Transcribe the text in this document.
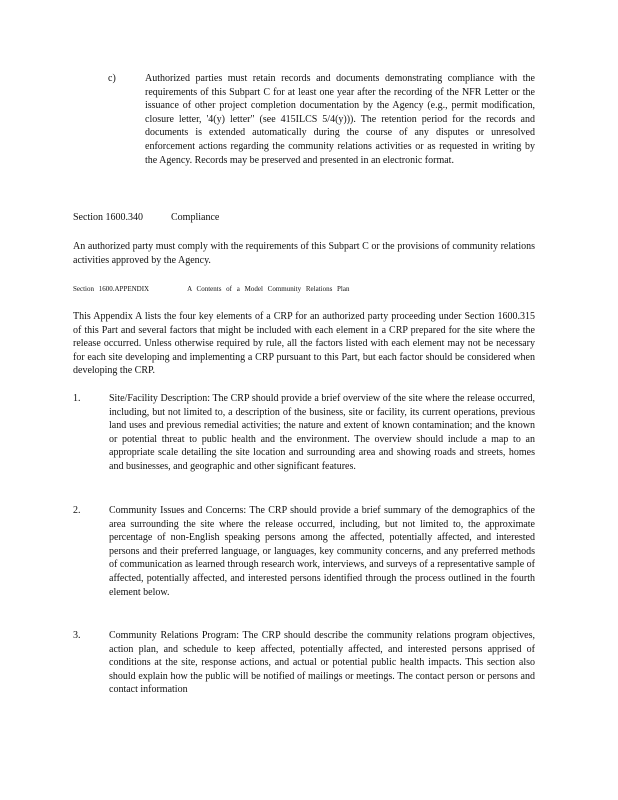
c)	Authorized parties must retain records and documents demonstrating compliance with the requirements of this Subpart C for at least one year after the recording of the NFR Letter or the issuance of other project completion documentation by the Agency (e.g., permit modification, closure letter, '4(y) letter" (see 415ILCS 5/4(y))). The retention period for the records and documents is extended automatically during the course of any disputes or unresolved enforcement actions regarding the community relations activities or as requested in writing by the Agency. Records may be preserved and presented in an electronic format.
Section 1600.340	Compliance
An authorized party must comply with the requirements of this Subpart C or the provisions of community relations activities approved by the Agency.
Section 1600.APPENDIX	A Contents of a Model Community Relations Plan
This Appendix A lists the four key elements of a CRP for an authorized party proceeding under Section 1600.315 of this Part and several factors that might be included with each element in a CRP prepared for the site where the release occurred. Unless otherwise required by rule, all the factors listed with each element may not be necessary for each site developing and implementing a CRP pursuant to this Part, but each factor should be considered when developing the CRP.
1.	Site/Facility Description: The CRP should provide a brief overview of the site where the release occurred, including, but not limited to, a description of the business, site or facility, its current operations, previous land uses and previous remedial activities; the nature and extent of known contamination; and the known or potential threat to public health and the environment. The overview should include a map to an appropriate scale detailing the site location and surrounding area and showing roads and streets, homes and businesses, and geographic and other significant features.
2.	Community Issues and Concerns: The CRP should provide a brief summary of the demographics of the area surrounding the site where the release occurred, including, but not limited to, the approximate percentage of non-English speaking persons among the affected, potentially affected, and interested persons and their preferred language, or languages, key community concerns, and any preferred methods of communication as learned through research work, interviews, and surveys of a representative sample of affected, potentially affected, and interested persons identified through the process outlined in the fourth element below.
3.	Community Relations Program: The CRP should describe the community relations program objectives, action plan, and schedule to keep affected, potentially affected, and interested persons apprised of conditions at the site, response actions, and actual or potential public health impacts. This section also should explain how the public will be notified of mailings or meetings. The contact person or persons and contact information
